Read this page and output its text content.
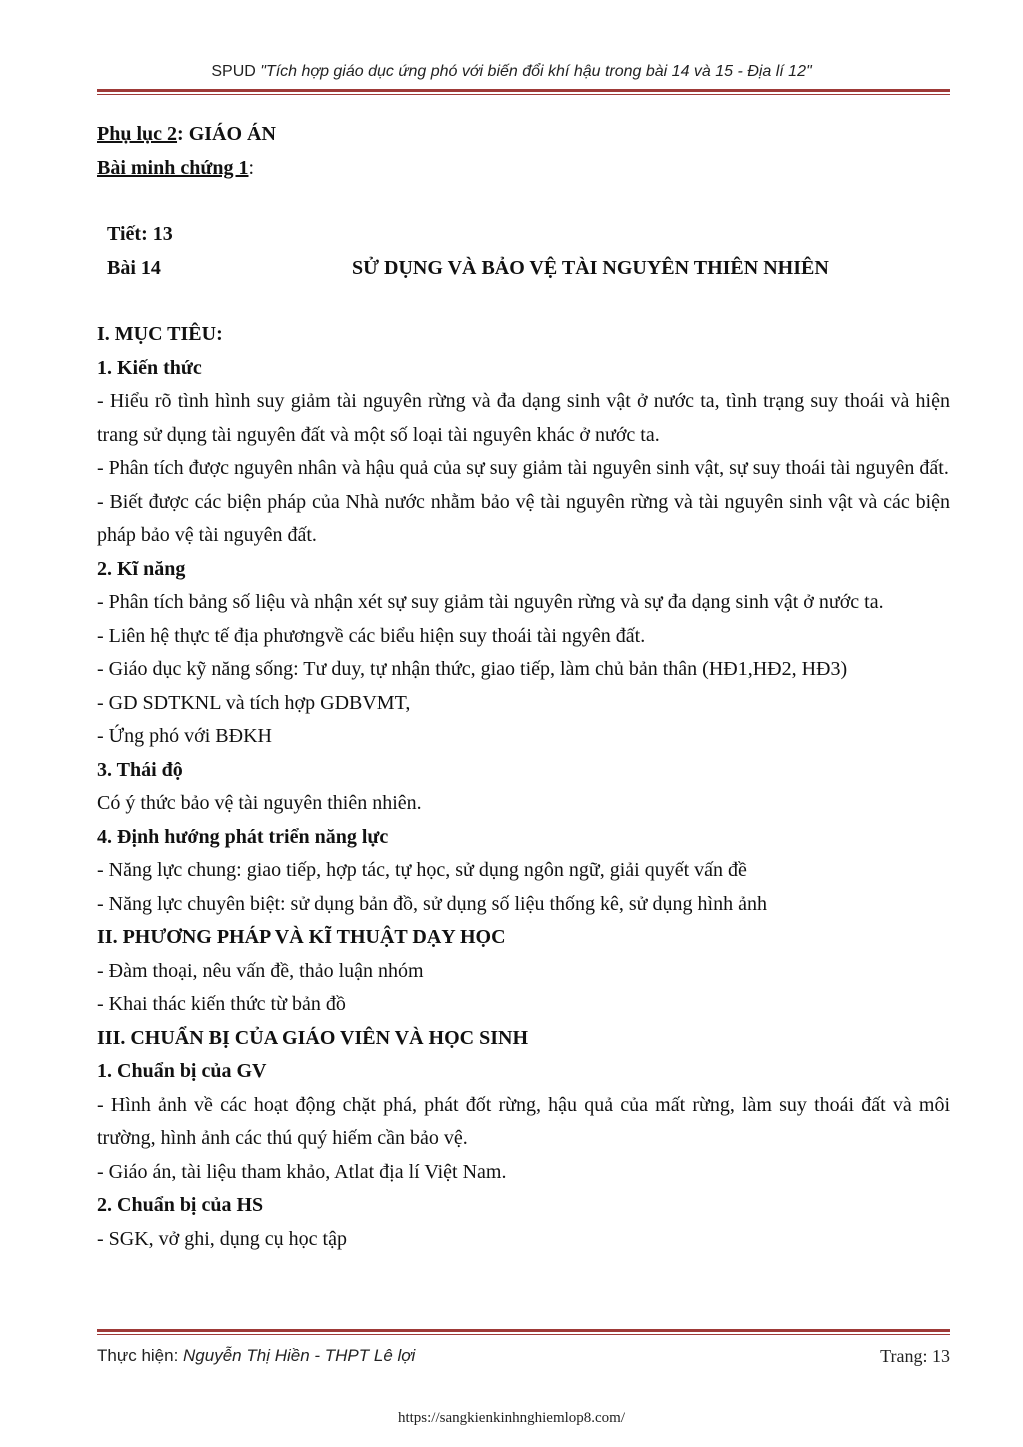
SPUD "Tích hợp giáo dục ứng phó với biến đổi khí hậu trong bài 14 và 15 - Địa lí 12"

Phụ lục 2: GIÁO ÁN

Bài minh chứng 1:

Tiết: 13

Bài 14	SỬ DỤNG VÀ BẢO VỆ TÀI NGUYÊN THIÊN NHIÊN

I. MỤC TIÊU:

1. Kiến thức

- Hiểu rõ tình hình suy giảm tài nguyên rừng và đa dạng sinh vật ở nước ta, tình trạng suy thoái và hiện trang sử dụng tài nguyên đất và một số loại tài nguyên khác ở nước ta.

- Phân tích được nguyên nhân và hậu quả của sự suy giảm tài nguyên sinh vật, sự suy thoái tài nguyên đất.

- Biết được các biện pháp của Nhà nước nhằm bảo vệ tài nguyên rừng và tài nguyên sinh vật và các biện pháp bảo vệ tài nguyên đất.

2. Kĩ năng

- Phân tích bảng số liệu và nhận xét sự suy giảm tài nguyên rừng và sự đa dạng sinh vật ở nước ta.

- Liên hệ thực tế địa phươngvề các biểu hiện suy thoái tài ngyên đất.

- Giáo dục kỹ năng sống: Tư duy, tự nhận thức, giao tiếp, làm chủ bản thân (HĐ1,HĐ2, HĐ3)

- GD SDTKNL và tích hợp GDBVMT,

- Ứng phó với BĐKH

3. Thái độ

Có ý thức bảo vệ tài nguyên thiên nhiên.

4. Định hướng phát triển năng lực

- Năng lực chung: giao tiếp, hợp tác, tự học, sử dụng ngôn ngữ, giải quyết vấn đề

- Năng lực chuyên biệt: sử dụng bản đồ, sử dụng số liệu thống kê, sử dụng hình ảnh

II. PHƯƠNG PHÁP VÀ KĨ THUẬT DẠY HỌC

- Đàm thoại, nêu vấn đề, thảo luận nhóm

- Khai thác kiến thức từ bản đồ

III. CHUẨN BỊ CỦA GIÁO VIÊN VÀ HỌC SINH

1. Chuẩn bị của GV

- Hình ảnh về các hoạt động chặt phá, phát đốt rừng, hậu quả của mất rừng, làm suy thoái đất và môi trường, hình ảnh các thú quý hiếm cần bảo vệ.

- Giáo án, tài liệu tham khảo, Atlat địa lí Việt Nam.

2. Chuẩn bị của HS

- SGK, vở ghi, dụng cụ học tập

Thực hiện: Nguyễn Thị Hiền - THPT Lê lợi	Trang: 13
https://sangkienkinhnghiemlop8.com/
